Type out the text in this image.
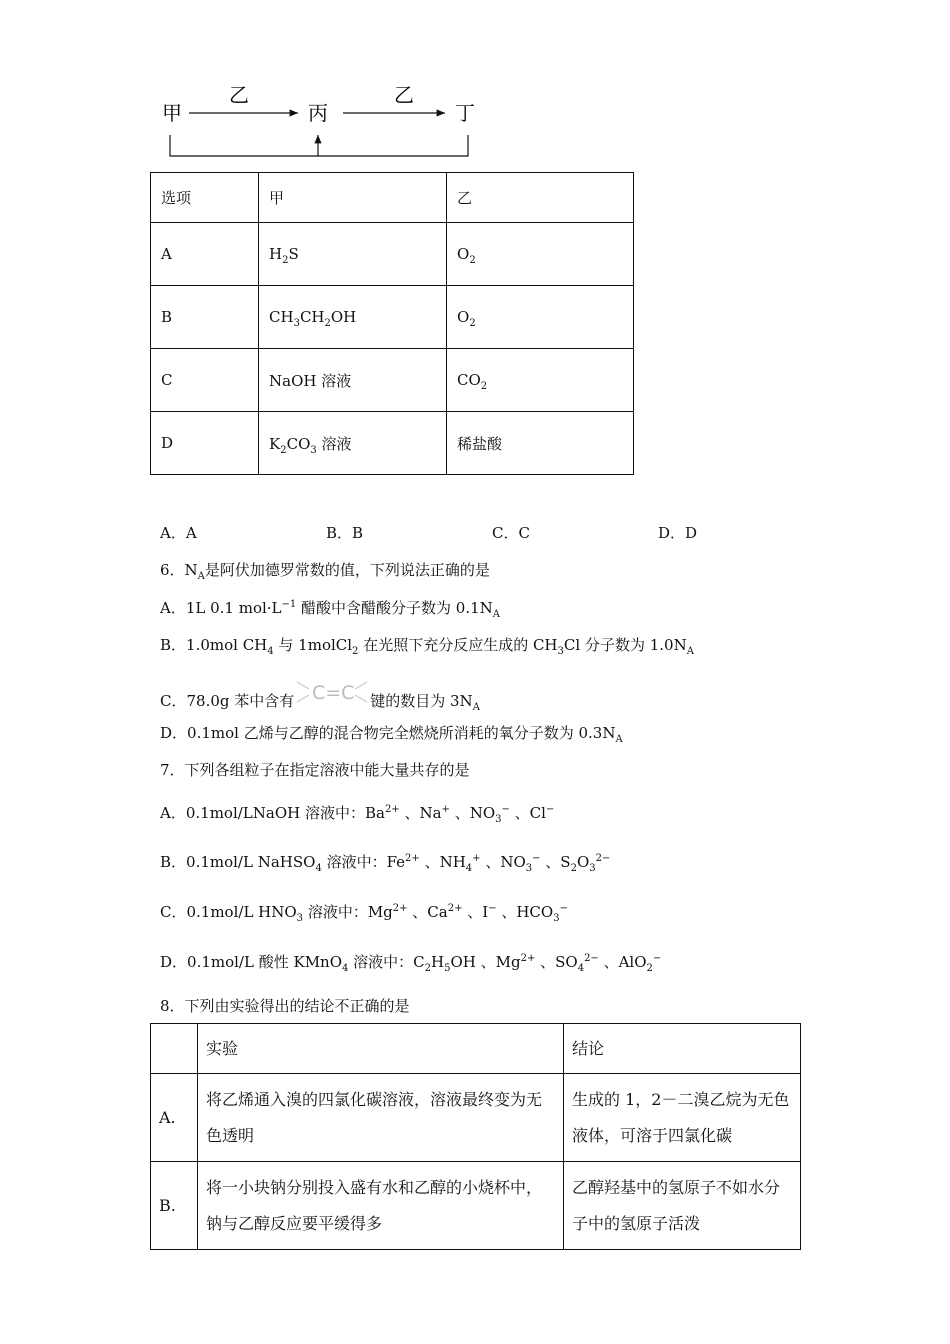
甲	丙	丁
乙	乙
选项	甲	乙
A	$H_2S$	$O_2$
B	$CH_3CH_2OH$	$O_2$
C	NaOH 溶液	$CO_2$
D	$K_2CO_3$ 溶液	稀盐酸
A．A	B．B	C．C	D．D
6．$N_A$是阿伏加德罗常数的值，下列说法正确的是
A．1L 0.1 $mol\cdot L^{-1}$ 醋酸中含醋酸分子数为 $0.1N_A$
B．1.0mol $CH_4$ 与 1molCl$_2$ 在光照下充分反应生成的 $CH_3Cl$ 分子数为 $1.0N_A$
C．78.0g 苯中含有 C=C 键的数目为 $3N_A$
D．0.1mol 乙烯与乙醇的混合物完全燃烧所消耗的氧分子数为 $0.3N_A$
7．下列各组粒子在指定溶液中能大量共存的是
A．0.1mol/LNaOH 溶液中：$Ba^{2+}$ 、Na+ 、$NO_3^-$ 、Cl−
B．0.1mol/L NaHSO$_4$ 溶液中：$Fe^{2+}$ 、$NH_4^+$ 、$NO_3^-$ 、$S_2O_3^{2-}$
C．0.1mol/L $HNO_3$ 溶液中：$Mg^{2+}$ 、$Ca^{2+}$ 、I− 、$HCO_3^-$
D．0.1mol/L 酸性 KMnO$_4$ 溶液中：$C_2H_5OH$ 、$Mg^{2+}$ 、$SO_4^{2-}$ 、AlO$_2$−
8．下列由实验得出的结论不正确的是
	实验	结论
A.	将乙烯通入溴的四氯化碳溶液，溶液最终变为无色透明	生成的 1，2－二溴乙烷为无色液体，可溶于四氯化碳
B.	将一小块钠分别投入盛有水和乙醇的小烧杯中，钠与乙醇反应要平缓得多	乙醇羟基中的氢原子不如水分子中的氢原子活泼
